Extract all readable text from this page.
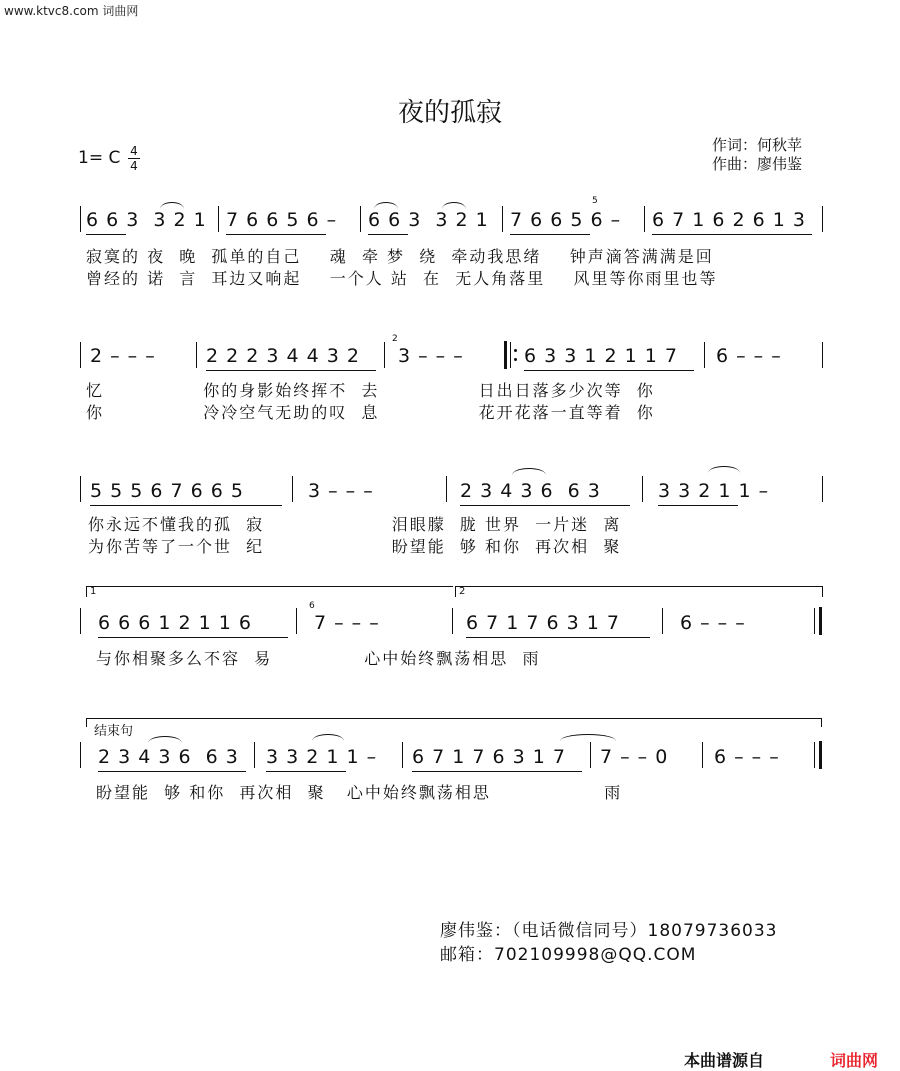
www.ktvc8.com 词曲网
夜的孤寂
作词：何秋苹
作曲：廖伟鉴
1= C 4
4
6 6 3  3 2 1 7 6 6 5 6 – 6 6 3  3 2 1 7 6 6 5 6 – 6 7 1 6 2 6 1 3
5
寂寞的 夜  晚  孤单的自己    魂  牵 梦  绕  牵动我思绪    钟声滴答满满是回
曾经的 诺  言  耳边又响起    一个人 站  在  无人角落里    风里等你雨里也等
2 – – –	2 2 2 3 4 4 3 2
2
3 – – –	6 3 3 1 2 1 1 7 6 – – –
忆              你的身影始终挥不  去              日出日落多少次等  你
你              冷冷空气无助的叹  息              花开花落一直等着  你
5 5 5 6 7 6 6 5	3 – – –	2 3 4 3 6  6 3	3 3 2 1 1 –
你永远不懂我的孤  寂                  泪眼朦  胧 世界  一片迷  离
为你苦等了一个世  纪                  盼望能  够 和你  再次相  聚
1	2
6 6 6 1 2 1 1 6
6
7 – – –	6 7 1 7 6 3 1 7	6 – – –
与你相聚多么不容  易             心中始终飘荡相思  雨
结束句
2 3 4 3 6  6 3 3 3 2 1 1 – 6 7 1 7 6 3 1 7 7 – – 0 6 – – –
盼望能  够 和你  再次相  聚   心中始终飘荡相思                雨
廖伟鉴：（电话微信同号）18079736033
邮箱：702109998@QQ.COM
本曲谱源自	词曲网
